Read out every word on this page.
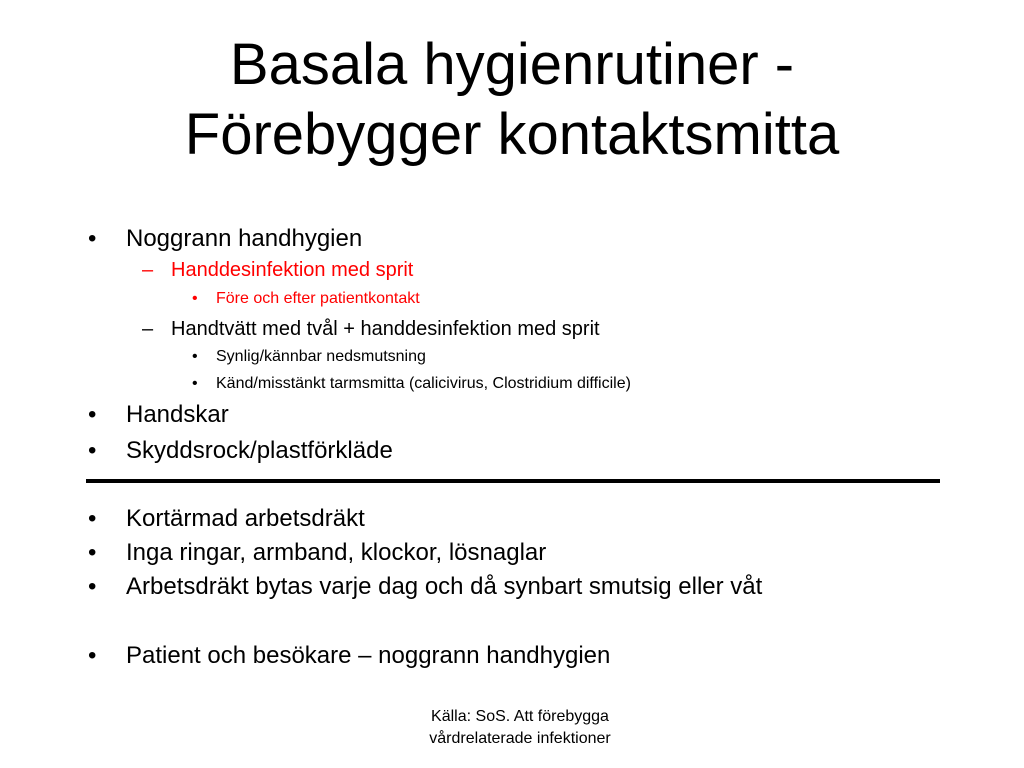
Basala hygienrutiner -
Förebygger kontaktsmitta
• Noggrann handhygien
– Handdesinfektion med sprit
• Före och efter patientkontakt
– Handtvätt med tvål + handdesinfektion med sprit
• Synlig/kännbar nedsmutsning
• Känd/misstänkt tarmsmitta (calicivirus, Clostridium difficile)
• Handskar
• Skyddsrock/plastförkläde
• Kortärmad arbetsdräkt
• Inga ringar, armband, klockor, lösnaglar
• Arbetsdräkt bytas varje dag och då synbart smutsig eller våt
• Patient och besökare – noggrann handhygien
Källa: SoS. Att förebygga
vårdrelaterade infektioner
